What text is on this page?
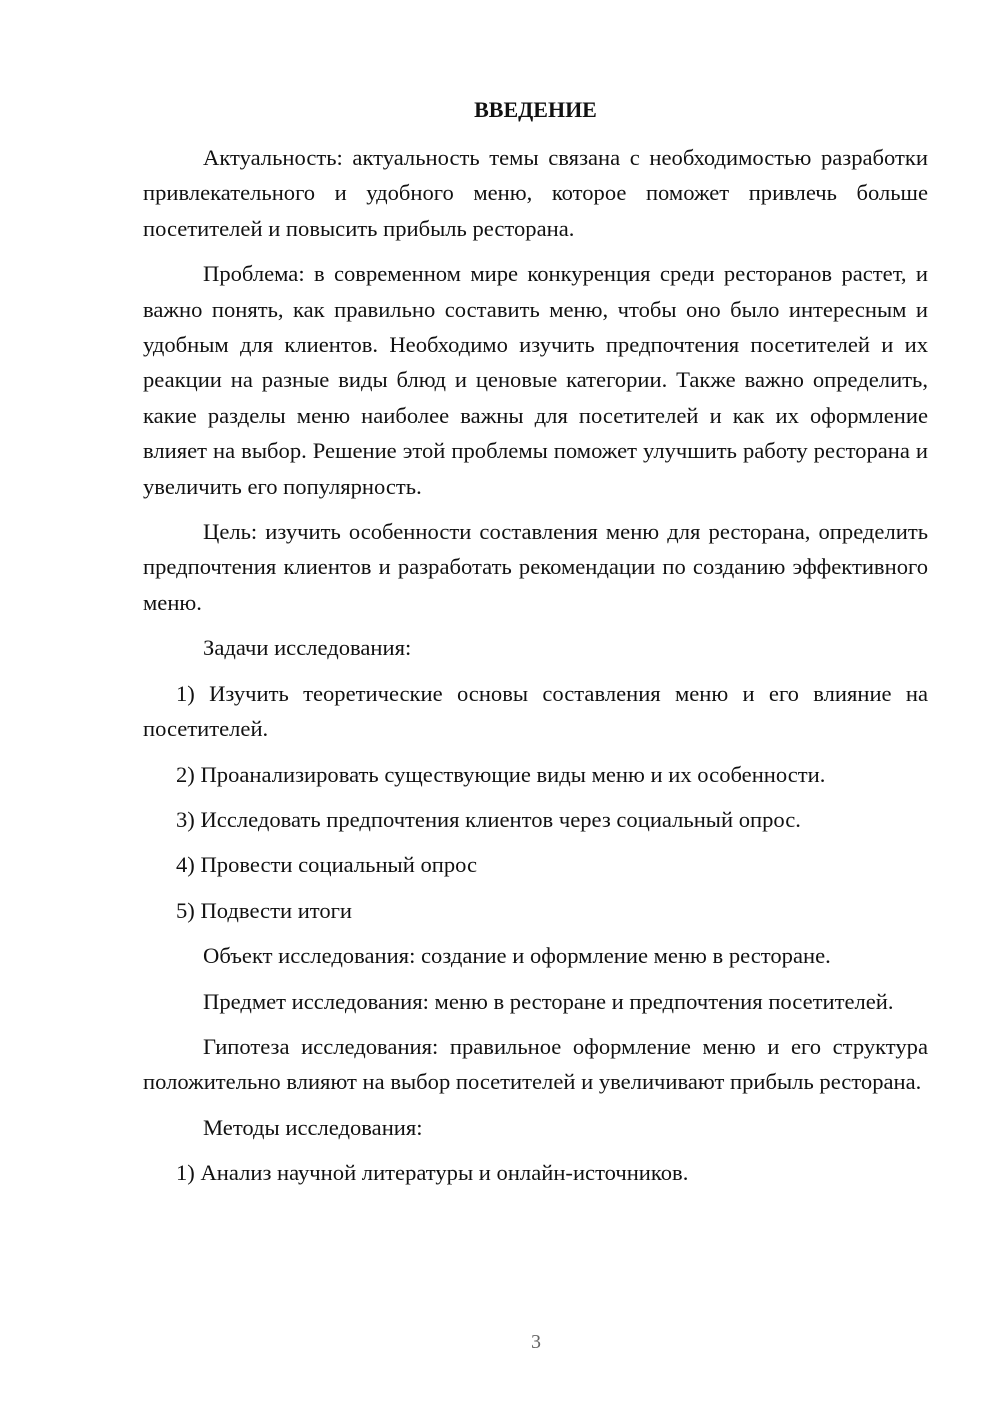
ВВЕДЕНИЕ

Актуальность: актуальность темы связана с необходимостью разработки привлекательного и удобного меню, которое поможет привлечь больше посетителей и повысить прибыль ресторана.

Проблема: в современном мире конкуренция среди ресторанов растет, и важно понять, как правильно составить меню, чтобы оно было интересным и удобным для клиентов. Необходимо изучить предпочтения посетителей и их реакции на разные виды блюд и ценовые категории. Также важно определить, какие разделы меню наиболее важны для посетителей и как их оформление влияет на выбор. Решение этой проблемы поможет улучшить работу ресторана и увеличить его популярность.

Цель: изучить особенности составления меню для ресторана, определить предпочтения клиентов и разработать рекомендации по созданию эффективного меню.

Задачи исследования:

1) Изучить теоретические основы составления меню и его влияние на посетителей.

2) Проанализировать существующие виды меню и их особенности.

3) Исследовать предпочтения клиентов через социальный опрос.

4) Провести социальный опрос

5) Подвести итоги

Объект исследования: создание и оформление меню в ресторане.

Предмет исследования: меню в ресторане и предпочтения посетителей.

Гипотеза исследования: правильное оформление меню и его структура положительно влияют на выбор посетителей и увеличивают прибыль ресторана.

Методы исследования:

1) Анализ научной литературы и онлайн-источников.

3
